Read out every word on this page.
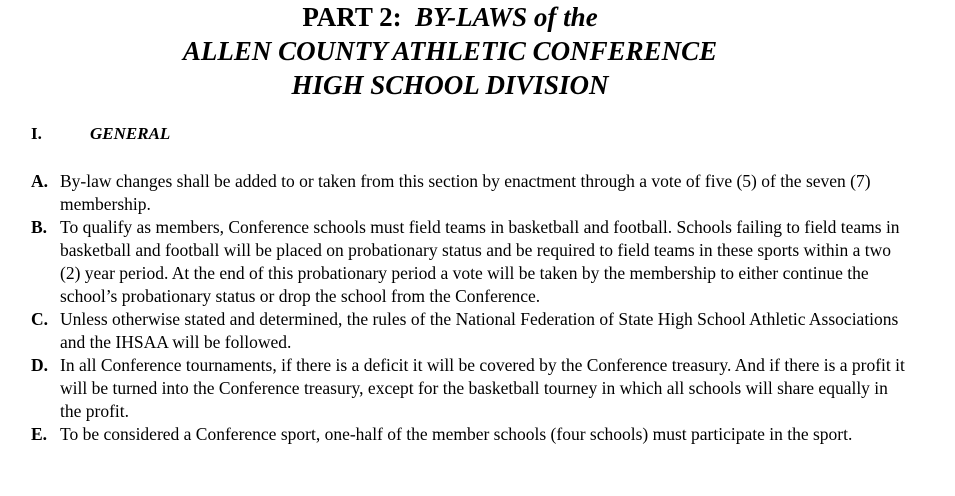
PART 2: BY-LAWS of the
ALLEN COUNTY ATHLETIC CONFERENCE
HIGH SCHOOL DIVISION
I.	GENERAL
A. By-law changes shall be added to or taken from this section by enactment through a vote of five (5) of the seven (7) membership.
B. To qualify as members, Conference schools must field teams in basketball and football. Schools failing to field teams in basketball and football will be placed on probationary status and be required to field teams in these sports within a two (2) year period. At the end of this probationary period a vote will be taken by the membership to either continue the school’s probationary status or drop the school from the Conference.
C. Unless otherwise stated and determined, the rules of the National Federation of State High School Athletic Associations and the IHSAA will be followed.
D. In all Conference tournaments, if there is a deficit it will be covered by the Conference treasury. And if there is a profit it will be turned into the Conference treasury, except for the basketball tourney in which all schools will share equally in the profit.
E. To be considered a Conference sport, one-half of the member schools (four schools) must participate in the sport.
